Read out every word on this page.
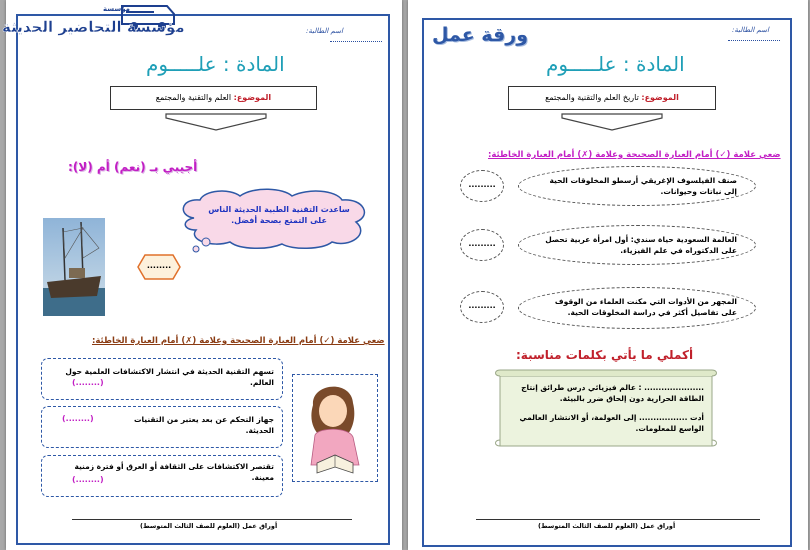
مؤسسة
مؤسسة التحاضير الحديثة	اسم الطالبة:
المادة : علـــــوم
الموضوع: العلم والتقنية والمجتمع
أجيبي بـ (نعم) أم (لا):
ساعدت التقنية الطبية الحديثة الناس على التمتع بصحة أفضل.
........
ضعي علامة (✓) أمام العبارة الصحيحة وعلامة (✗) أمام العبارة الخاطئة:
تسهم التقنية الحديثة في انتشار الاكتشافات العلمية حول العالم.
(........)
جهاز التحكم عن بعد يعتبر من التقنيات الحديثة.
(........)
تقتصر الاكتشافات على الثقافة أو العرق أو فترة زمنية معينة.
(........)
أوراق عمل (العلوم للصف الثالث المتوسط)
ورقة عمل	اسم الطالبة:
المادة : علـــــوم
الموضوع: تاريخ العلم والتقنية والمجتمع
ضعي علامة (✓) أمام العبارة الصحيحة وعلامة (✗) أمام العبارة الخاطئة:
صنف الفيلسوف الإغريقي أرسطو المخلوقات الحية إلى نباتات وحيوانات.
.........
العالمة السعودية حياة سندي: أول امرأة عربية تحصل على الدكتوراه في علم الفيزياء.
.........
المجهر من الأدوات التي مكنت العلماء من الوقوف على تفاصيل أكثر في دراسة المخلوقات الحية.
.........
أكملي ما يأتي بكلمات مناسبة:
..................... : عالم فيزيائي درس طرائق إنتاج الطاقة الحرارية دون إلحاق ضرر بالبيئة.
أدت ................. إلى العولمة، أو الانتشار العالمي الواسع للمعلومات.
أوراق عمل (العلوم للصف الثالث المتوسط)
